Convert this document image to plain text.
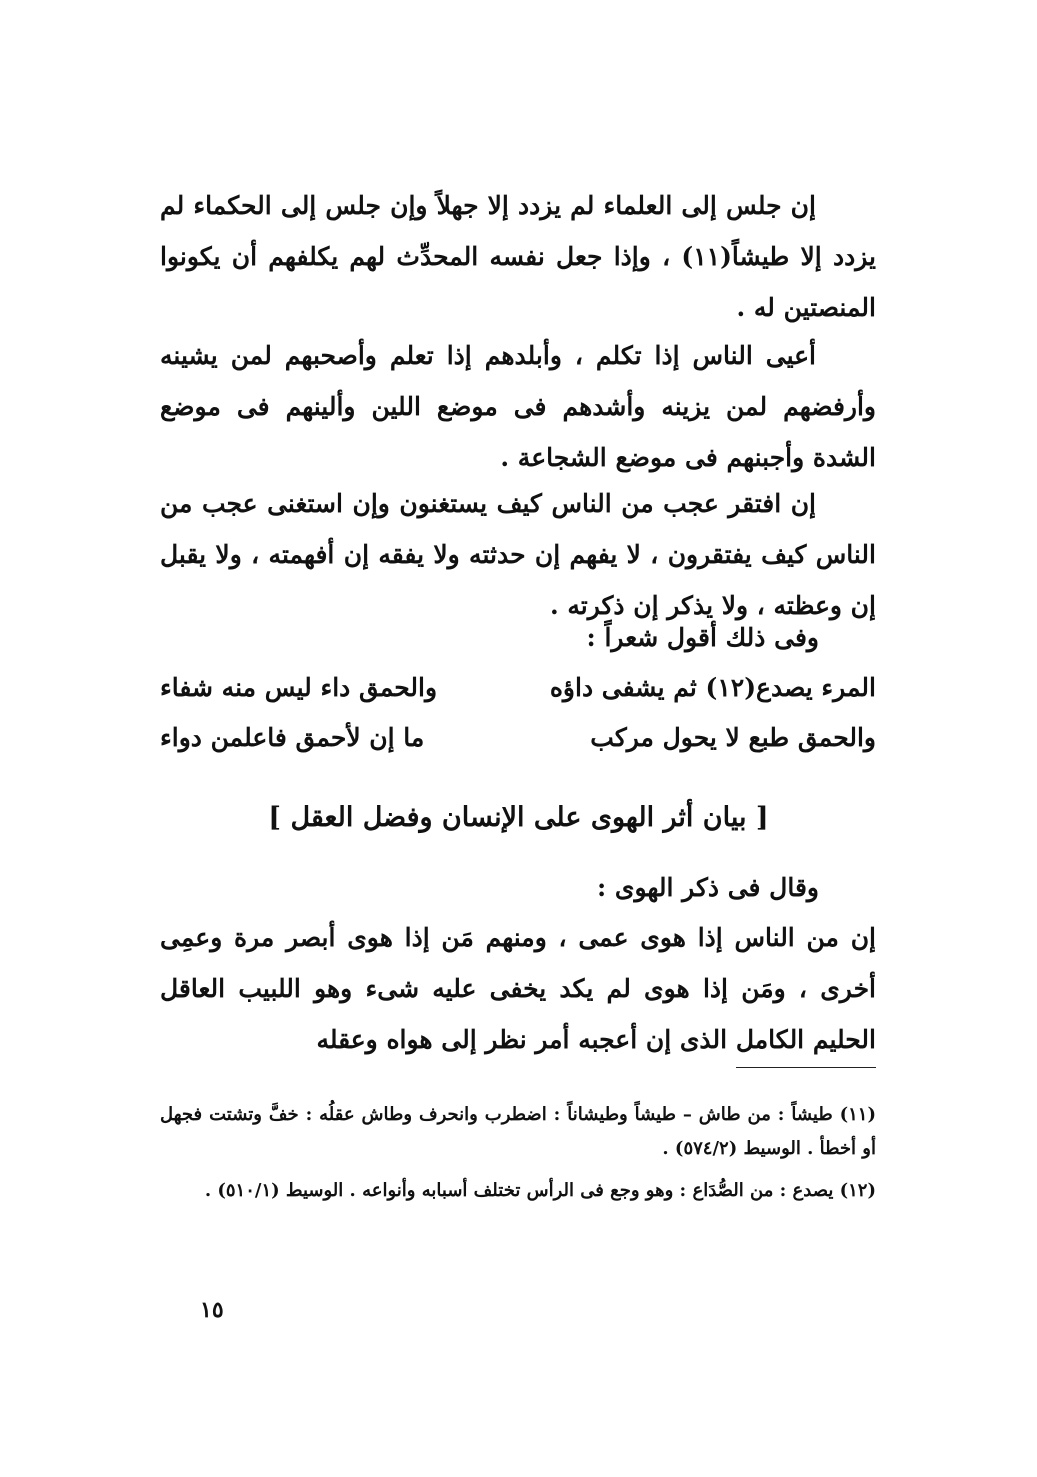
إن جلس إلى العلماء لم يزدد إلا جهلاً وإن جلس إلى الحكماء لم يزدد إلا طيشاً(١١) ، وإذا جعل نفسه المحدِّث لهم يكلفهم أن يكونوا المنصتين له .

أعيى الناس إذا تكلم ، وأبلدهم إذا تعلم وأصحبهم لمن يشينه وأرفضهم لمن يزينه وأشدهم فى موضع اللين وألينهم فى موضع الشدة وأجبنهم فى موضع الشجاعة .

إن افتقر عجب من الناس كيف يستغنون وإن استغنى عجب من الناس كيف يفتقرون ، لا يفهم إن حدثته ولا يفقه إن أفهمته ، ولا يقبل إن وعظته ، ولا يذكر إن ذكرته .

وفى ذلك أقول شعراً :
المرء يصدع(١٢) ثم يشفى داؤه
والحمق داء ليس منه شفاء
والحمق طبع لا يحول مركب
ما إن لأحمق فاعلمن دواء
[ بيان أثر الهوى على الإنسان وفضل العقل ]
وقال فى ذكر الهوى :

إن من الناس إذا هوى عمى ، ومنهم مَن إذا هوى أبصر مرة وعمِى أخرى ، ومَن إذا هوى لم يكد يخفى عليه شىء وهو اللبيب العاقل الحليم الكامل الذى إن أعجبه أمر نظر إلى هواه وعقله

(١١) طيشاً : من طاش – طيشاً وطيشاناً : اضطرب وانحرف وطاش عقلُه : خفَّ وتشتت فجهل أو أخطأ . الوسيط (٥٧٤/٢) .

(١٢) يصدع : من الصُّدَاع : وهو وجع فى الرأس تختلف أسبابه وأنواعه . الوسيط (٥١٠/١) .

١٥
